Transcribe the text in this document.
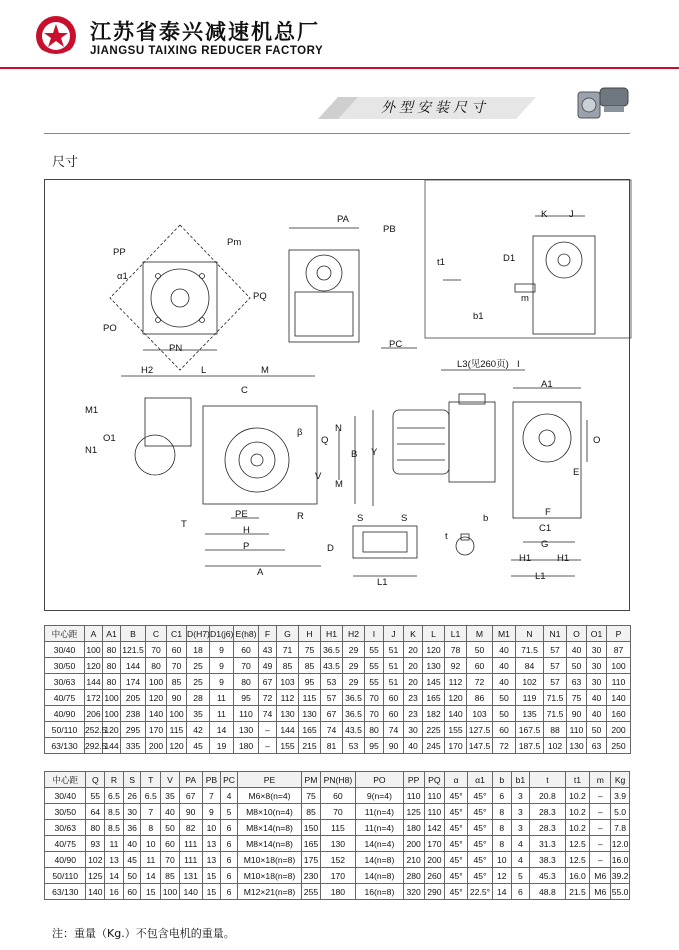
江苏省泰兴减速机总厂
JIANGSU TAIXING REDUCER FACTORY
外型安装尺寸
尺寸
PA
PB
PP
Pm
α1
PQ
PO
PN	PC
K J
t1	D1
m
b1
H2	L	M
C
M1
O1
N1
β
Q
N
B
V
M
T
PE	R
H
P
A
L3(见260页) I
A1
Y
O
E
F
C1
G
H1	H1
L1
S	S
D
L1
t
b
中心距	A	A1	B	C	C1	D(H7)	D1(j6)	E(h8)	F	G	H	H1	H2	I	J	K	L	L1	M	M1	N	N1	O	O1	P
30/40	100	80	121.5	70	60	18	9	60	43	71	75	36.5	29	55	51	20	120	78	50	40	71.5	57	40	30	87
30/50	120	80	144	80	70	25	9	70	49	85	85	43.5	29	55	51	20	130	92	60	40	84	57	50	30	100
30/63	144	80	174	100	85	25	9	80	67	103	95	53	29	55	51	20	145	112	72	40	102	57	63	30	110
40/75	172	100	205	120	90	28	11	95	72	112	115	57	36.5	70	60	23	165	120	86	50	119	71.5	75	40	140
40/90	206	100	238	140	100	35	11	110	74	130	130	67	36.5	70	60	23	182	140	103	50	135	71.5	90	40	160
50/110	252.5	120	295	170	115	42	14	130	–	144	165	74	43.5	80	74	30	225	155	127.5	60	167.5	88	110	50	200
63/130	292.5	144	335	200	120	45	19	180	–	155	215	81	53	95	90	40	245	170	147.5	72	187.5	102	130	63	250
中心距	Q	R	S	T	V	PA	PB	PC	PE	PM	PN(H8)	PO	PP	PQ	α	α1	b	b1	t	t1	m	Kg
30/40	55	6.5	26	6.5	35	67	7	4	M6×8(n=4)	75	60	9(n=4)	110	110	45°	45°	6	3	20.8	10.2	–	3.9
30/50	64	8.5	30	7	40	90	9	5	M8×10(n=4)	85	70	11(n=4)	125	110	45°	45°	8	3	28.3	10.2	–	5.0
30/63	80	8.5	36	8	50	82	10	6	M8×14(n=8)	150	115	11(n=4)	180	142	45°	45°	8	3	28.3	10.2	–	7.8
40/75	93	11	40	10	60	111	13	6	M8×14(n=8)	165	130	14(n=4)	200	170	45°	45°	8	4	31.3	12.5	–	12.0
40/90	102	13	45	11	70	111	13	6	M10×18(n=8)	175	152	14(n=8)	210	200	45°	45°	10	4	38.3	12.5	–	16.0
50/110	125	14	50	14	85	131	15	6	M10×18(n=8)	230	170	14(n=8)	280	260	45°	45°	12	5	45.3	16.0	M6	39.2
63/130	140	16	60	15	100	140	15	6	M12×21(n=8)	255	180	16(n=8)	320	290	45°	22.5°	14	6	48.8	21.5	M6	55.0
注：重量（Kg.）不包含电机的重量。
